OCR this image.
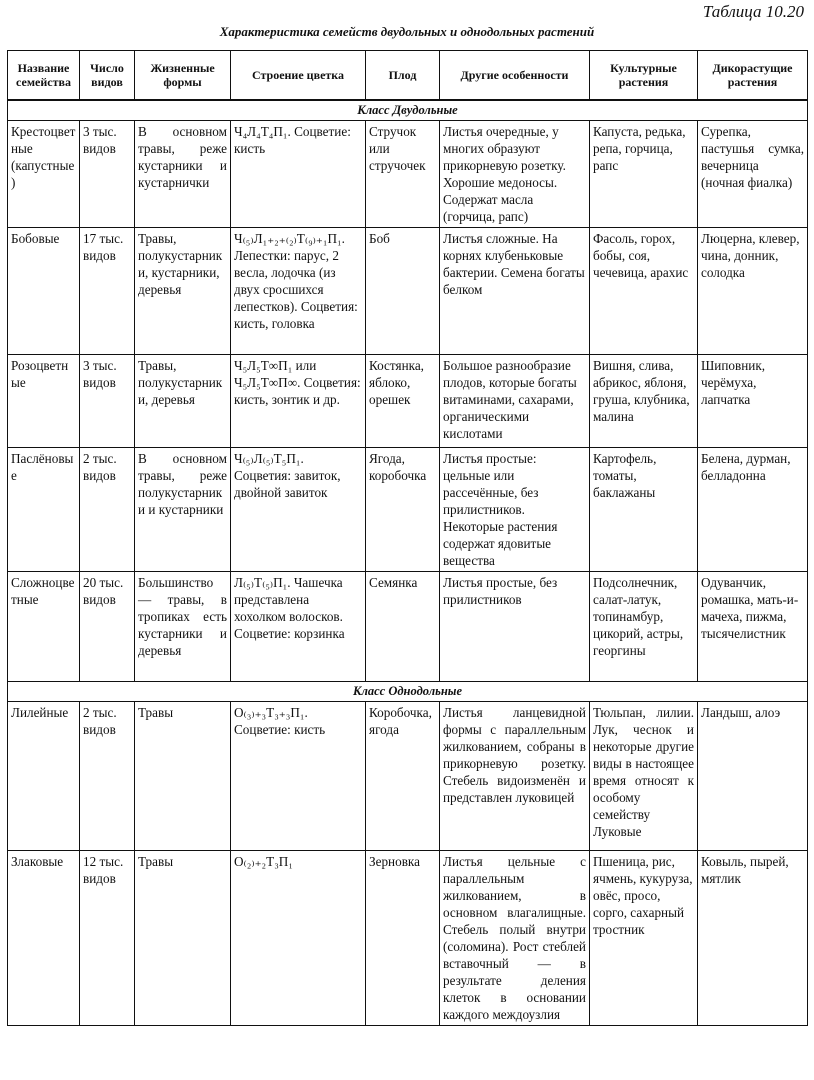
Таблица 10.20
Характеристика семейств двудольных и однодольных растений
Название семейства	Число видов	Жизненные формы	Строение цветка	Плод	Другие особенности	Культурные растения	Дикорастущие растения
Класс Двудольные							
Крестоцветные (капустные)	3 тыс. видов	В основном травы, реже кустарники и кустарнички	Ч₄Л₄Т₄П₁. Соцветие: кисть	Стручок или стручочек	Листья очередные, у многих образуют прикорневую розетку. Хорошие медоносы. Содержат масла (горчица, рапс)	Капуста, редька, репа, горчица, рапс	Сурепка, пастушья сумка, вечерница (ночная фиалка)
Бобовые	17 тыс. видов	Травы, полукустарники, кустарники, деревья	Ч₍₅₎Л₁₊₂₊₍₂₎Т₍₉₎₊₁П₁. Лепестки: парус, 2 весла, лодочка (из двух сросшихся лепестков). Соцветия: кисть, головка	Боб	Листья сложные. На корнях клубеньковые бактерии. Семена богаты белком	Фасоль, горох, бобы, соя, чечевица, арахис	Люцерна, клевер, чина, донник, солодка
Розоцветные	3 тыс. видов	Травы, полукустарники, деревья	Ч₅Л₅Т∞П₁ или Ч₅Л₅Т∞П∞. Соцветия: кисть, зонтик и др.	Костянка, яблоко, орешек	Большое разнообразие плодов, которые богаты витаминами, сахарами, органическими кислотами	Вишня, слива, абрикос, яблоня, груша, клубника, малина	Шиповник, черёмуха, лапчатка
Паслёновые	2 тыс. видов	В основном травы, реже полукустарники и кустарники	Ч₍₅₎Л₍₅₎Т₅П₁. Соцветия: завиток, двойной завиток	Ягода, коробочка	Листья простые: цельные или рассечённые, без прилистников. Некоторые растения содержат ядовитые вещества	Картофель, томаты, баклажаны	Белена, дурман, белладонна
Сложноцветные	20 тыс. видов	Большинство — травы, в тропиках есть кустарники и деревья	Л₍₅₎Т₍₅₎П₁. Чашечка представлена хохолком волосков. Соцветие: корзинка	Семянка	Листья простые, без прилистников	Подсолнечник, салат-латук, топинамбур, цикорий, астры, георгины	Одуванчик, ромашка, мать-и-мачеха, пижма, тысячелистник
Класс Однодольные							
Лилейные	2 тыс. видов	Травы	О₍₃₎₊₃Т₃₊₃П₁. Соцветие: кисть	Коробочка, ягода	Листья ланцевидной формы с параллельным жилкованием, собраны в прикорневую розетку. Стебель видоизменён и представлен луковицей	Тюльпан, лилии. Лук, чеснок и некоторые другие виды в настоящее время относят к особому семейству Луковые	Ландыш, алоэ
Злаковые	12 тыс. видов	Травы	О₍₂₎₊₂Т₃П₁	Зерновка	Листья цельные с параллельным жилкованием, в основном влагалищные. Стебель полый внутри (соломина). Рост стеблей вставочный — в результате деления клеток в основании каждого междоузлия	Пшеница, рис, ячмень, кукуруза, овёс, просо, сорго, сахарный тростник	Ковыль, пырей, мятлик
